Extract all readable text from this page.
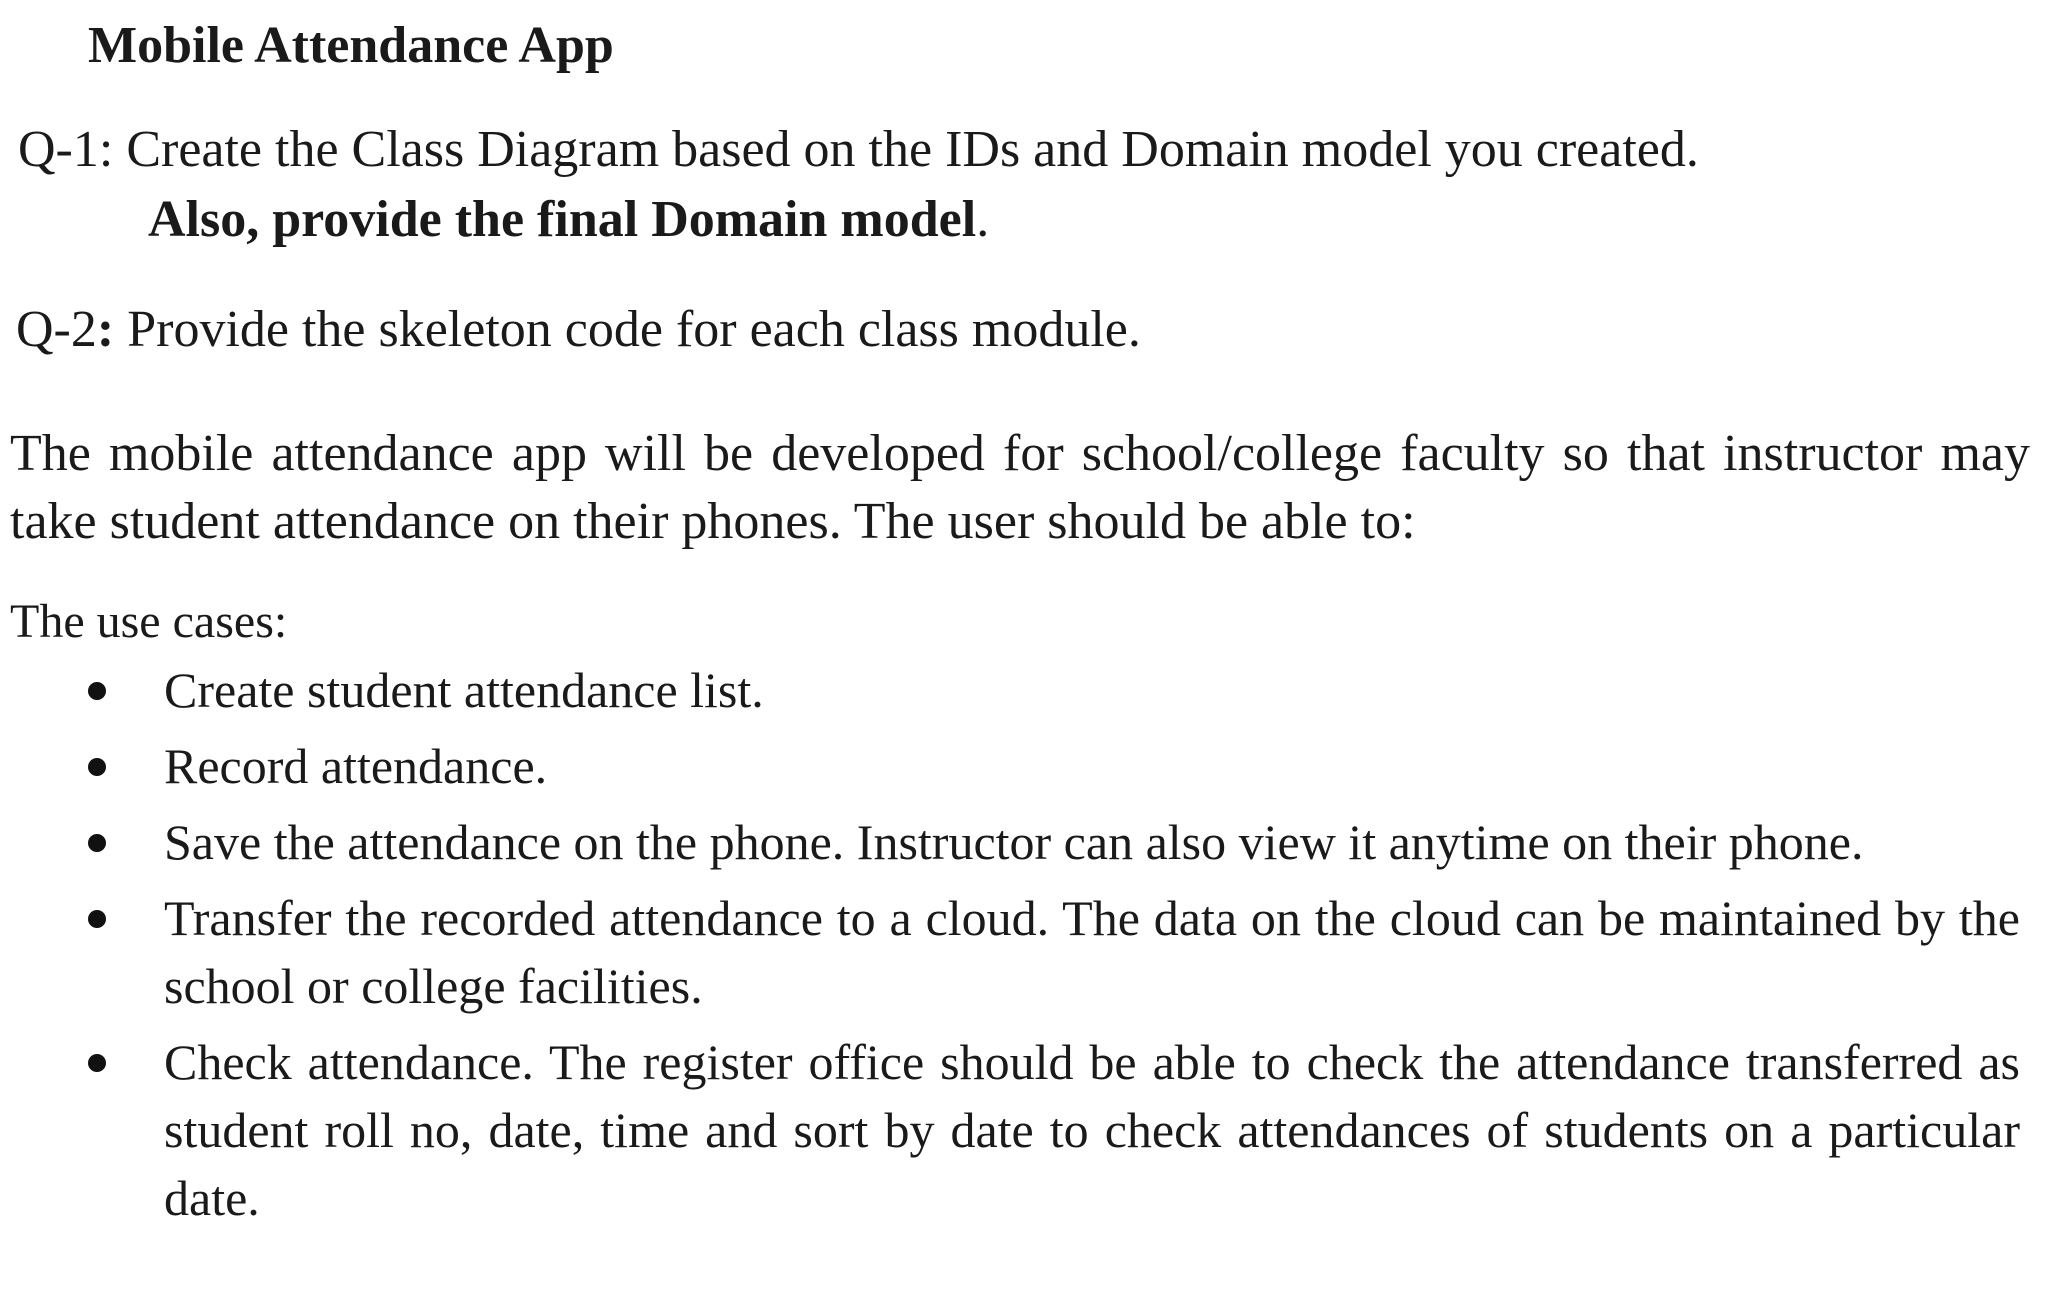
Mobile Attendance App
Q-1: Create the Class Diagram based on the IDs and Domain model you created.
Also, provide the final Domain model.
Q-2: Provide the skeleton code for each class module.
The mobile attendance app will be developed for school/college faculty so that instructor may take student attendance on their phones. The user should be able to:
The use cases:
Create student attendance list.
Record attendance.
Save the attendance on the phone. Instructor can also view it anytime on their phone.
Transfer the recorded attendance to a cloud. The data on the cloud can be maintained by the school or college facilities.
Check attendance. The register office should be able to check the attendance transferred as student roll no, date, time and sort by date to check attendances of students on a particular date.
